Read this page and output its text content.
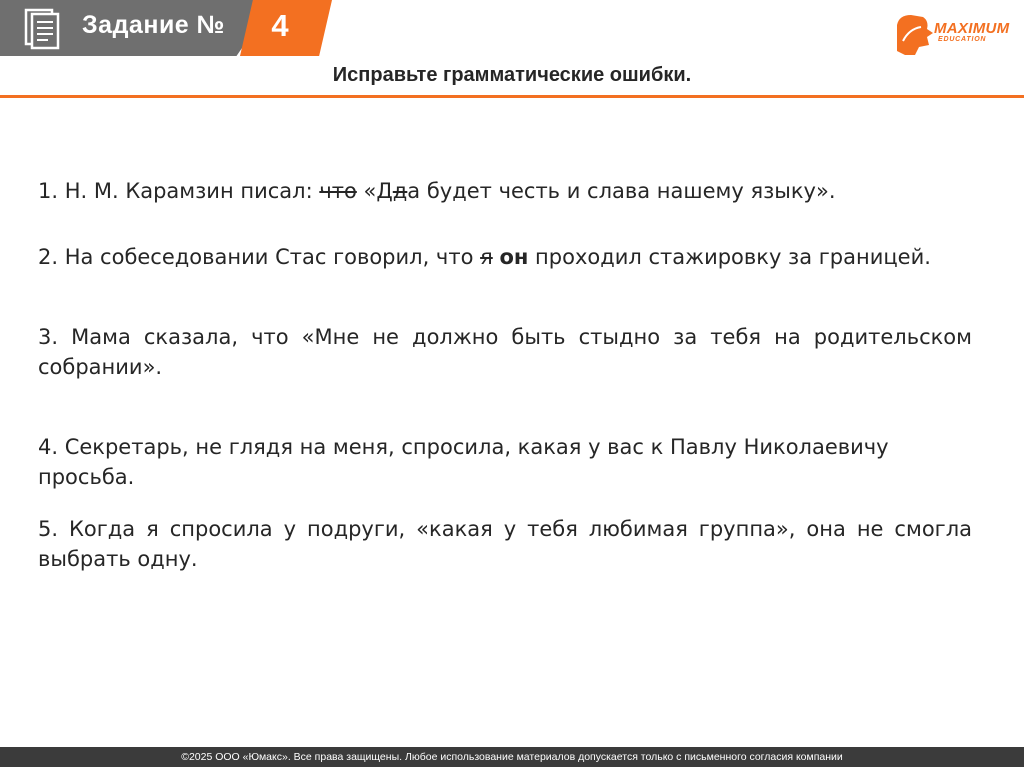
Задание №	4	MAXIMUM
EDUCATION
Исправьте грамматические ошибки.
1. Н. М. Карамзин писал: что «Дда будет честь и слава нашему языку».
2. На собеседовании Стас говорил, что я он проходил стажировку за границей.
3. Мама сказала, что «Мне не должно быть стыдно за тебя на родительском собрании».
4. Секретарь, не глядя на меня, спросила, какая у вас к Павлу Николаевичу просьба.
5. Когда я спросила у подруги, «какая у тебя любимая группа», она не смогла выбрать одну.
©2025 ООО «Юмакс». Все права защищены. Любое использование материалов допускается только с письменного согласия компании
